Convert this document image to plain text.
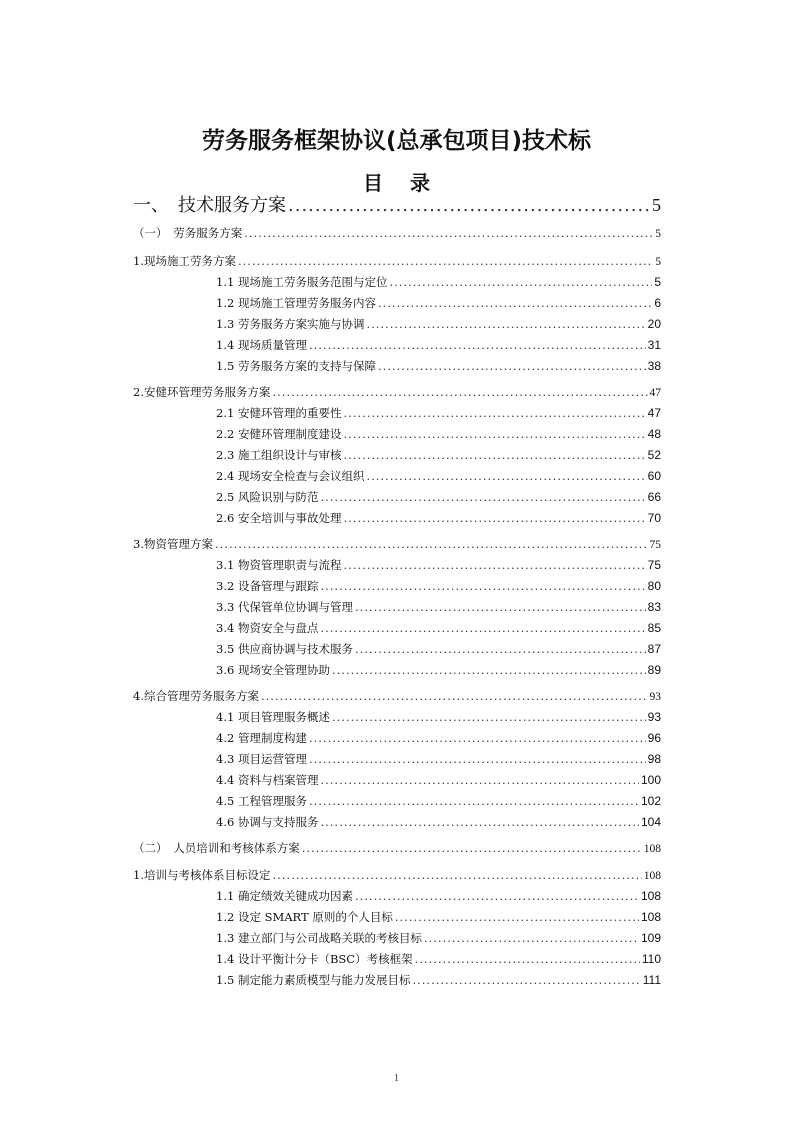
劳务服务框架协议(总承包项目)技术标
目 录
一、　技术服务方案 .....	5
（一）　劳务服务方案 .....	5
1.现场施工劳务方案 .....	5
1.1 现场施工劳务服务范围与定位 .....	5
1.2 现场施工管理劳务服务内容 .....	6
1.3 劳务服务方案实施与协调 .....	20
1.4 现场质量管理 .....	31
1.5 劳务服务方案的支持与保障 .....	38
2.安健环管理劳务服务方案 .....	47
2.1 安健环管理的重要性 .....	47
2.2 安健环管理制度建设 .....	48
2.3 施工组织设计与审核 .....	52
2.4 现场安全检查与会议组织 .....	60
2.5 风险识别与防范 .....	66
2.6 安全培训与事故处理 .....	70
3.物资管理方案 .....	75
3.1 物资管理职责与流程 .....	75
3.2 设备管理与跟踪 .....	80
3.3 代保管单位协调与管理 .....	83
3.4 物资安全与盘点 .....	85
3.5 供应商协调与技术服务 .....	87
3.6 现场安全管理协助 .....	89
4.综合管理劳务服务方案 .....	93
4.1 项目管理服务概述 .....	93
4.2 管理制度构建 .....	96
4.3 项目运营管理 .....	98
4.4 资料与档案管理 .....	100
4.5 工程管理服务 .....	102
4.6 协调与支持服务 .....	104
（二）　人员培训和考核体系方案 .....	108
1.培训与考核体系目标设定 .....	108
1.1 确定绩效关键成功因素 .....	108
1.2 设定 SMART 原则的个人目标 .....	108
1.3 建立部门与公司战略关联的考核目标 .....	109
1.4 设计平衡计分卡（BSC）考核框架 .....	110
1.5 制定能力素质模型与能力发展目标 .....	111
1
